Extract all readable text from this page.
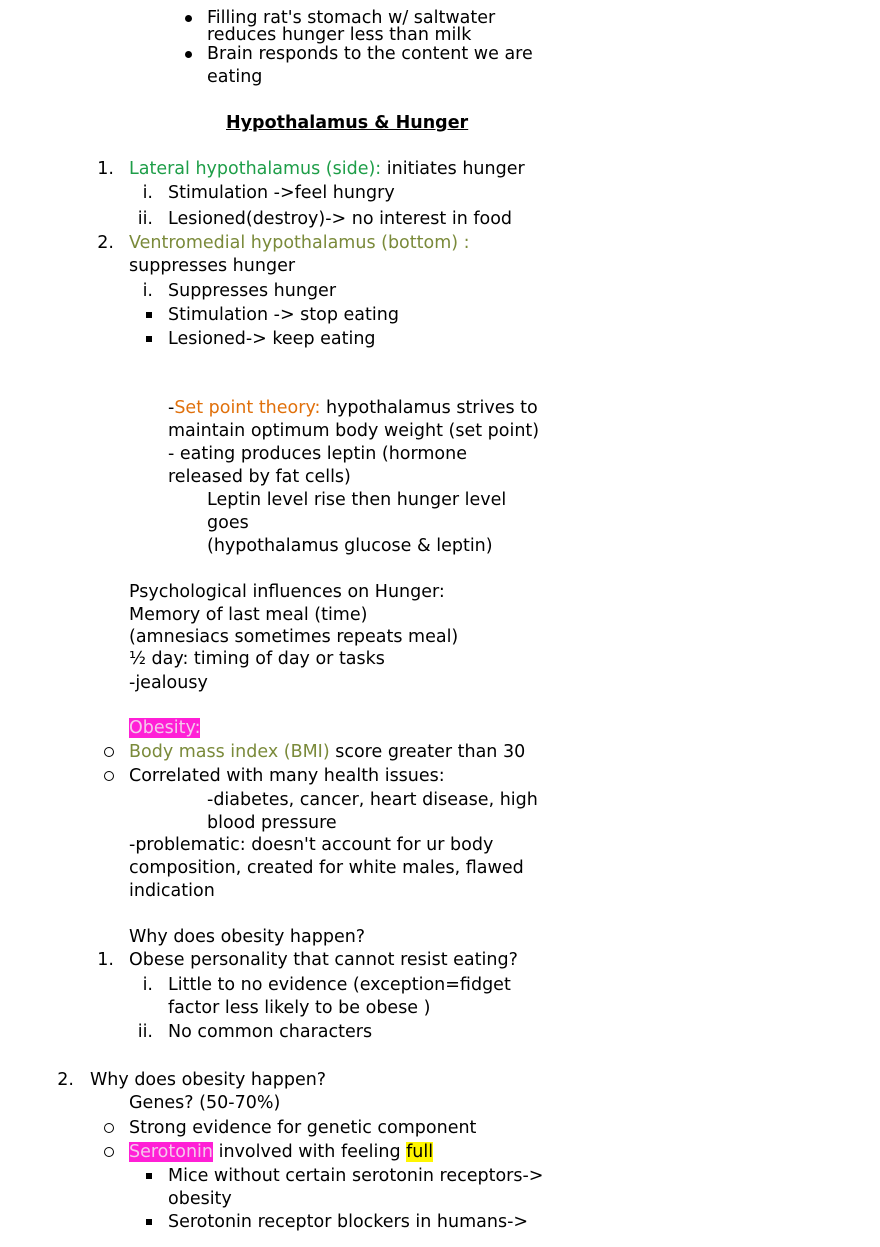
Filling rat's stomach w/ saltwater
reduces hunger less than milk
Brain responds to the content we are
eating
Hypothalamus & Hunger
1. Lateral hypothalamus (side): initiates hunger
i. Stimulation ->feel hungry
ii. Lesioned(destroy)-> no interest in food
2. Ventromedial hypothalamus (bottom) :
suppresses hunger
i. Suppresses hunger
Stimulation -> stop eating
Lesioned-> keep eating
-Set point theory: hypothalamus strives to
maintain optimum body weight (set point)
- eating produces leptin (hormone
released by fat cells)
Leptin level rise then hunger level
goes
(hypothalamus glucose & leptin)
Psychological influences on Hunger:
Memory of last meal (time)
(amnesiacs sometimes repeats meal)
½ day: timing of day or tasks
-jealousy
Obesity:
Body mass index (BMI) score greater than 30
Correlated with many health issues:
-diabetes, cancer, heart disease, high
blood pressure
-problematic: doesn't account for ur body
composition, created for white males, flawed
indication
Why does obesity happen?
1. Obese personality that cannot resist eating?
i. Little to no evidence (exception=fidget
factor less likely to be obese )
ii. No common characters
2. Why does obesity happen?
Genes? (50-70%)
Strong evidence for genetic component
Serotonin involved with feeling full
Mice without certain serotonin receptors->
obesity
Serotonin receptor blockers in humans->
